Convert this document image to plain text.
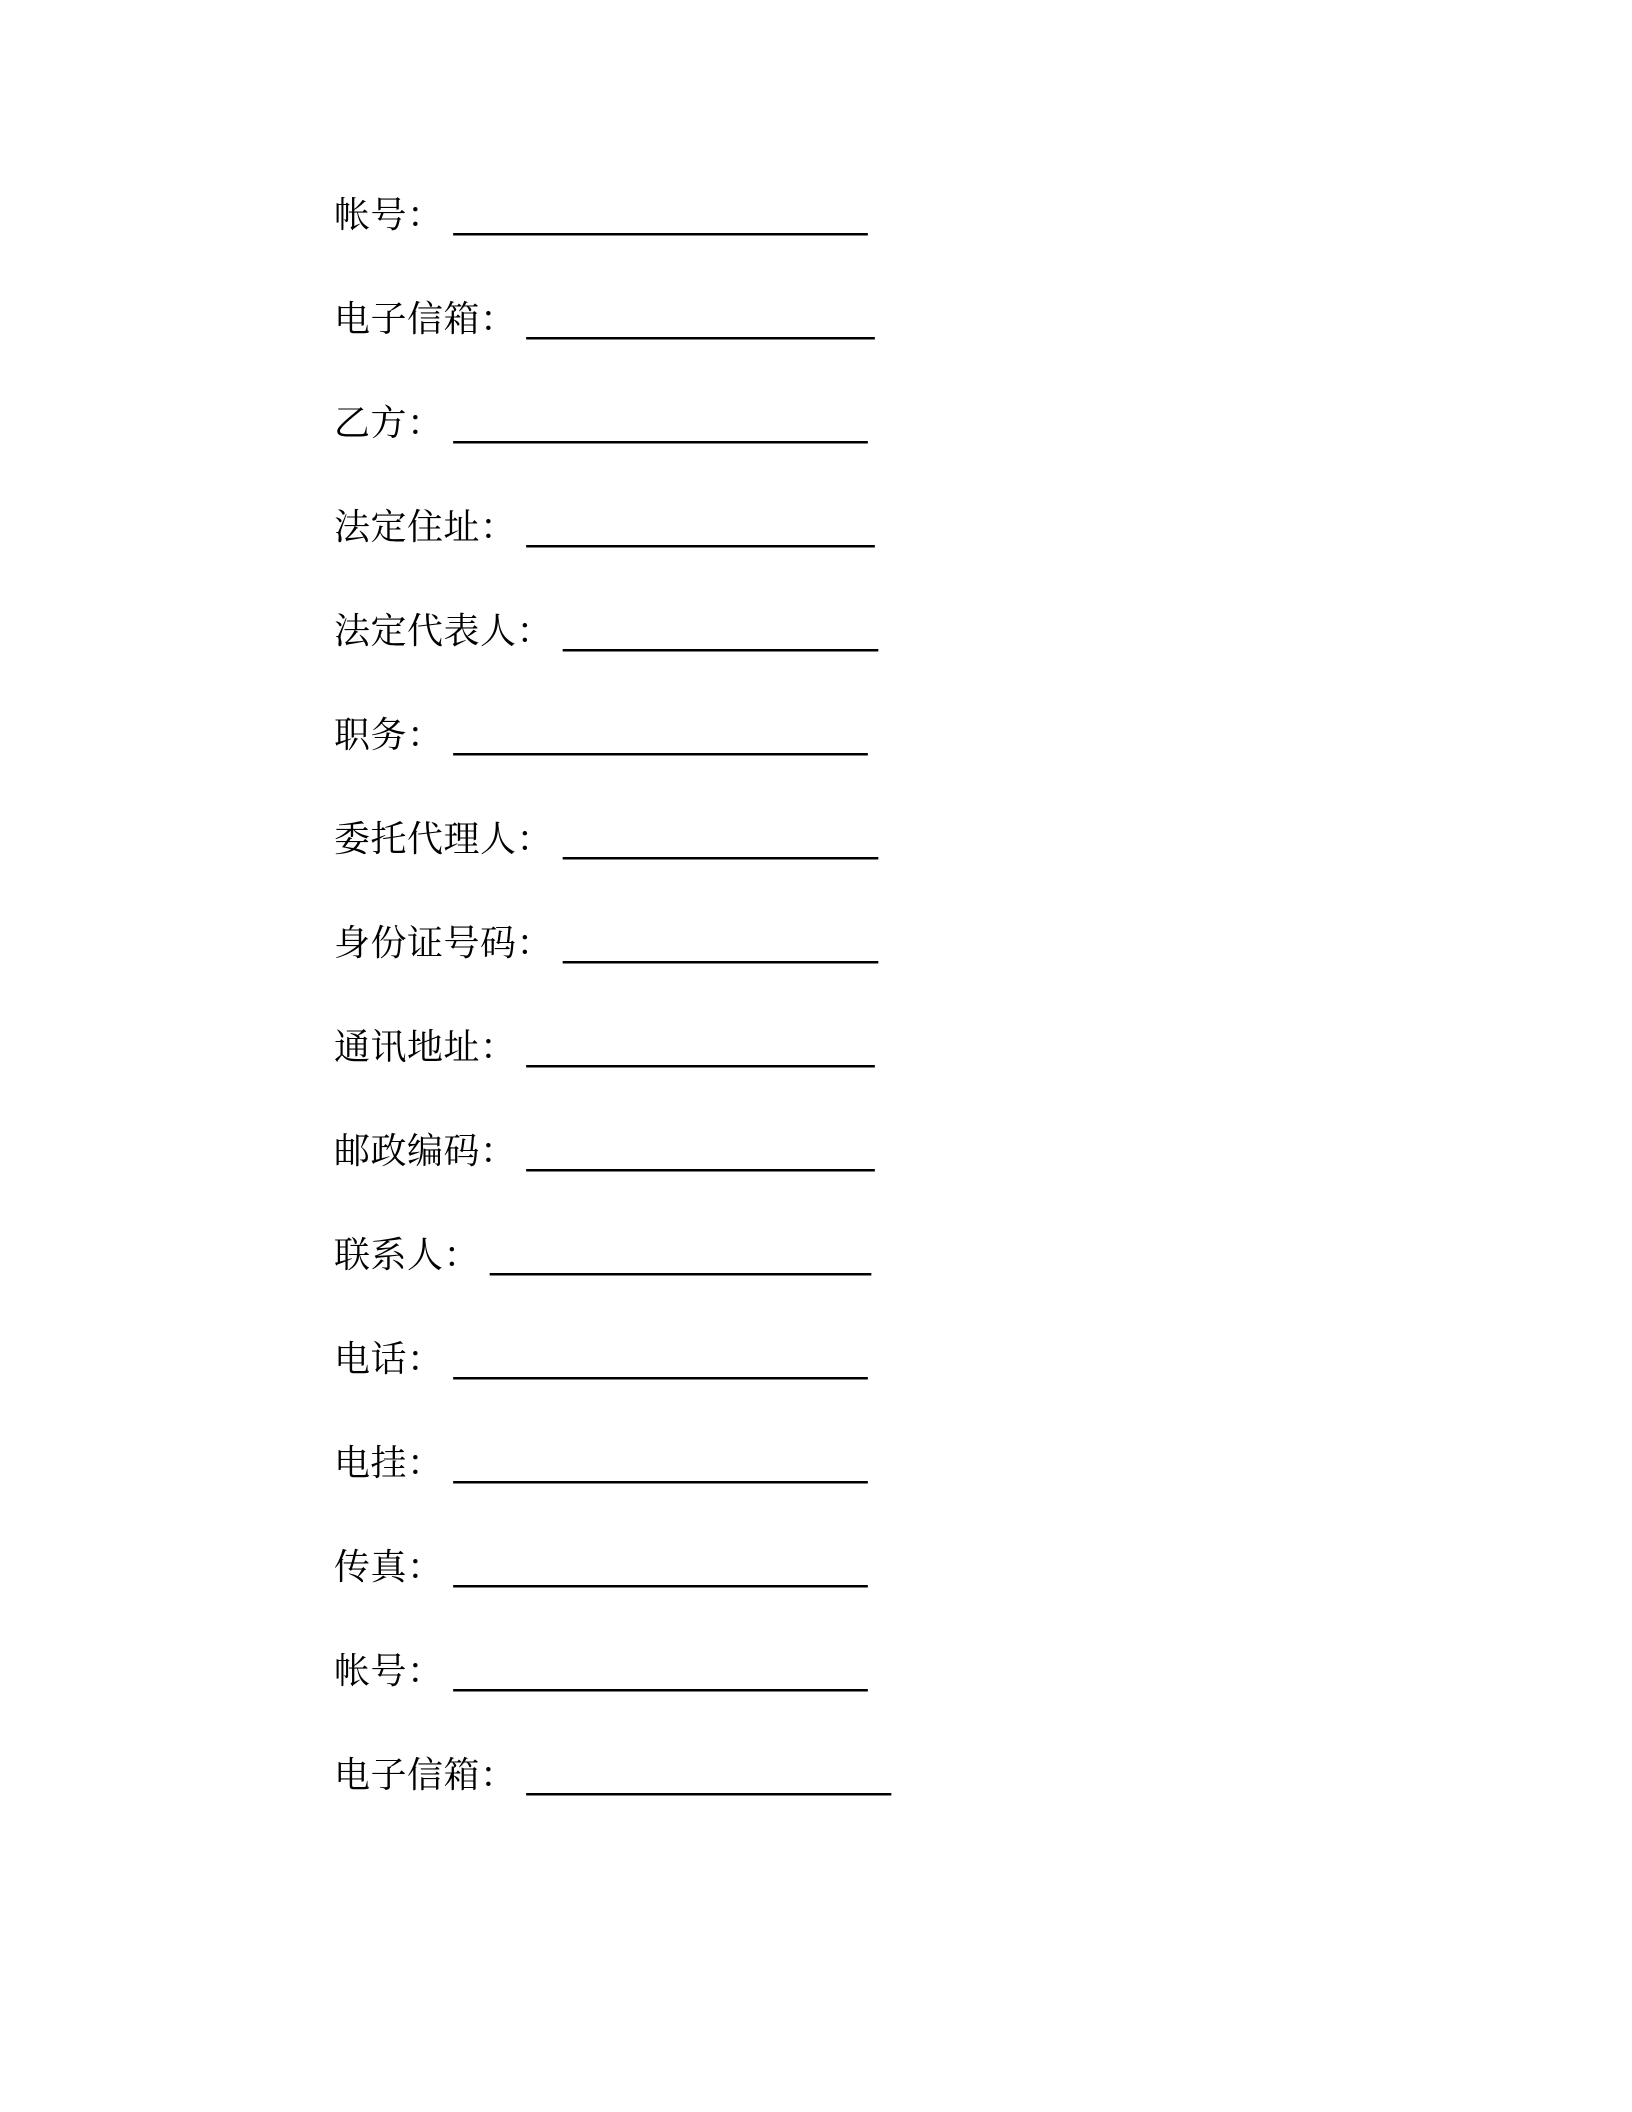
帐号： _________________________
电子信箱： _____________________
乙方： _________________________
法定住址： _____________________
法定代表人： ___________________
职务： _________________________
委托代理人： ___________________
身份证号码： ___________________
通讯地址： _____________________
邮政编码： _____________________
联系人： _______________________
电话： _________________________
电挂： _________________________
传真： _________________________
帐号： _________________________
电子信箱： ______________________
